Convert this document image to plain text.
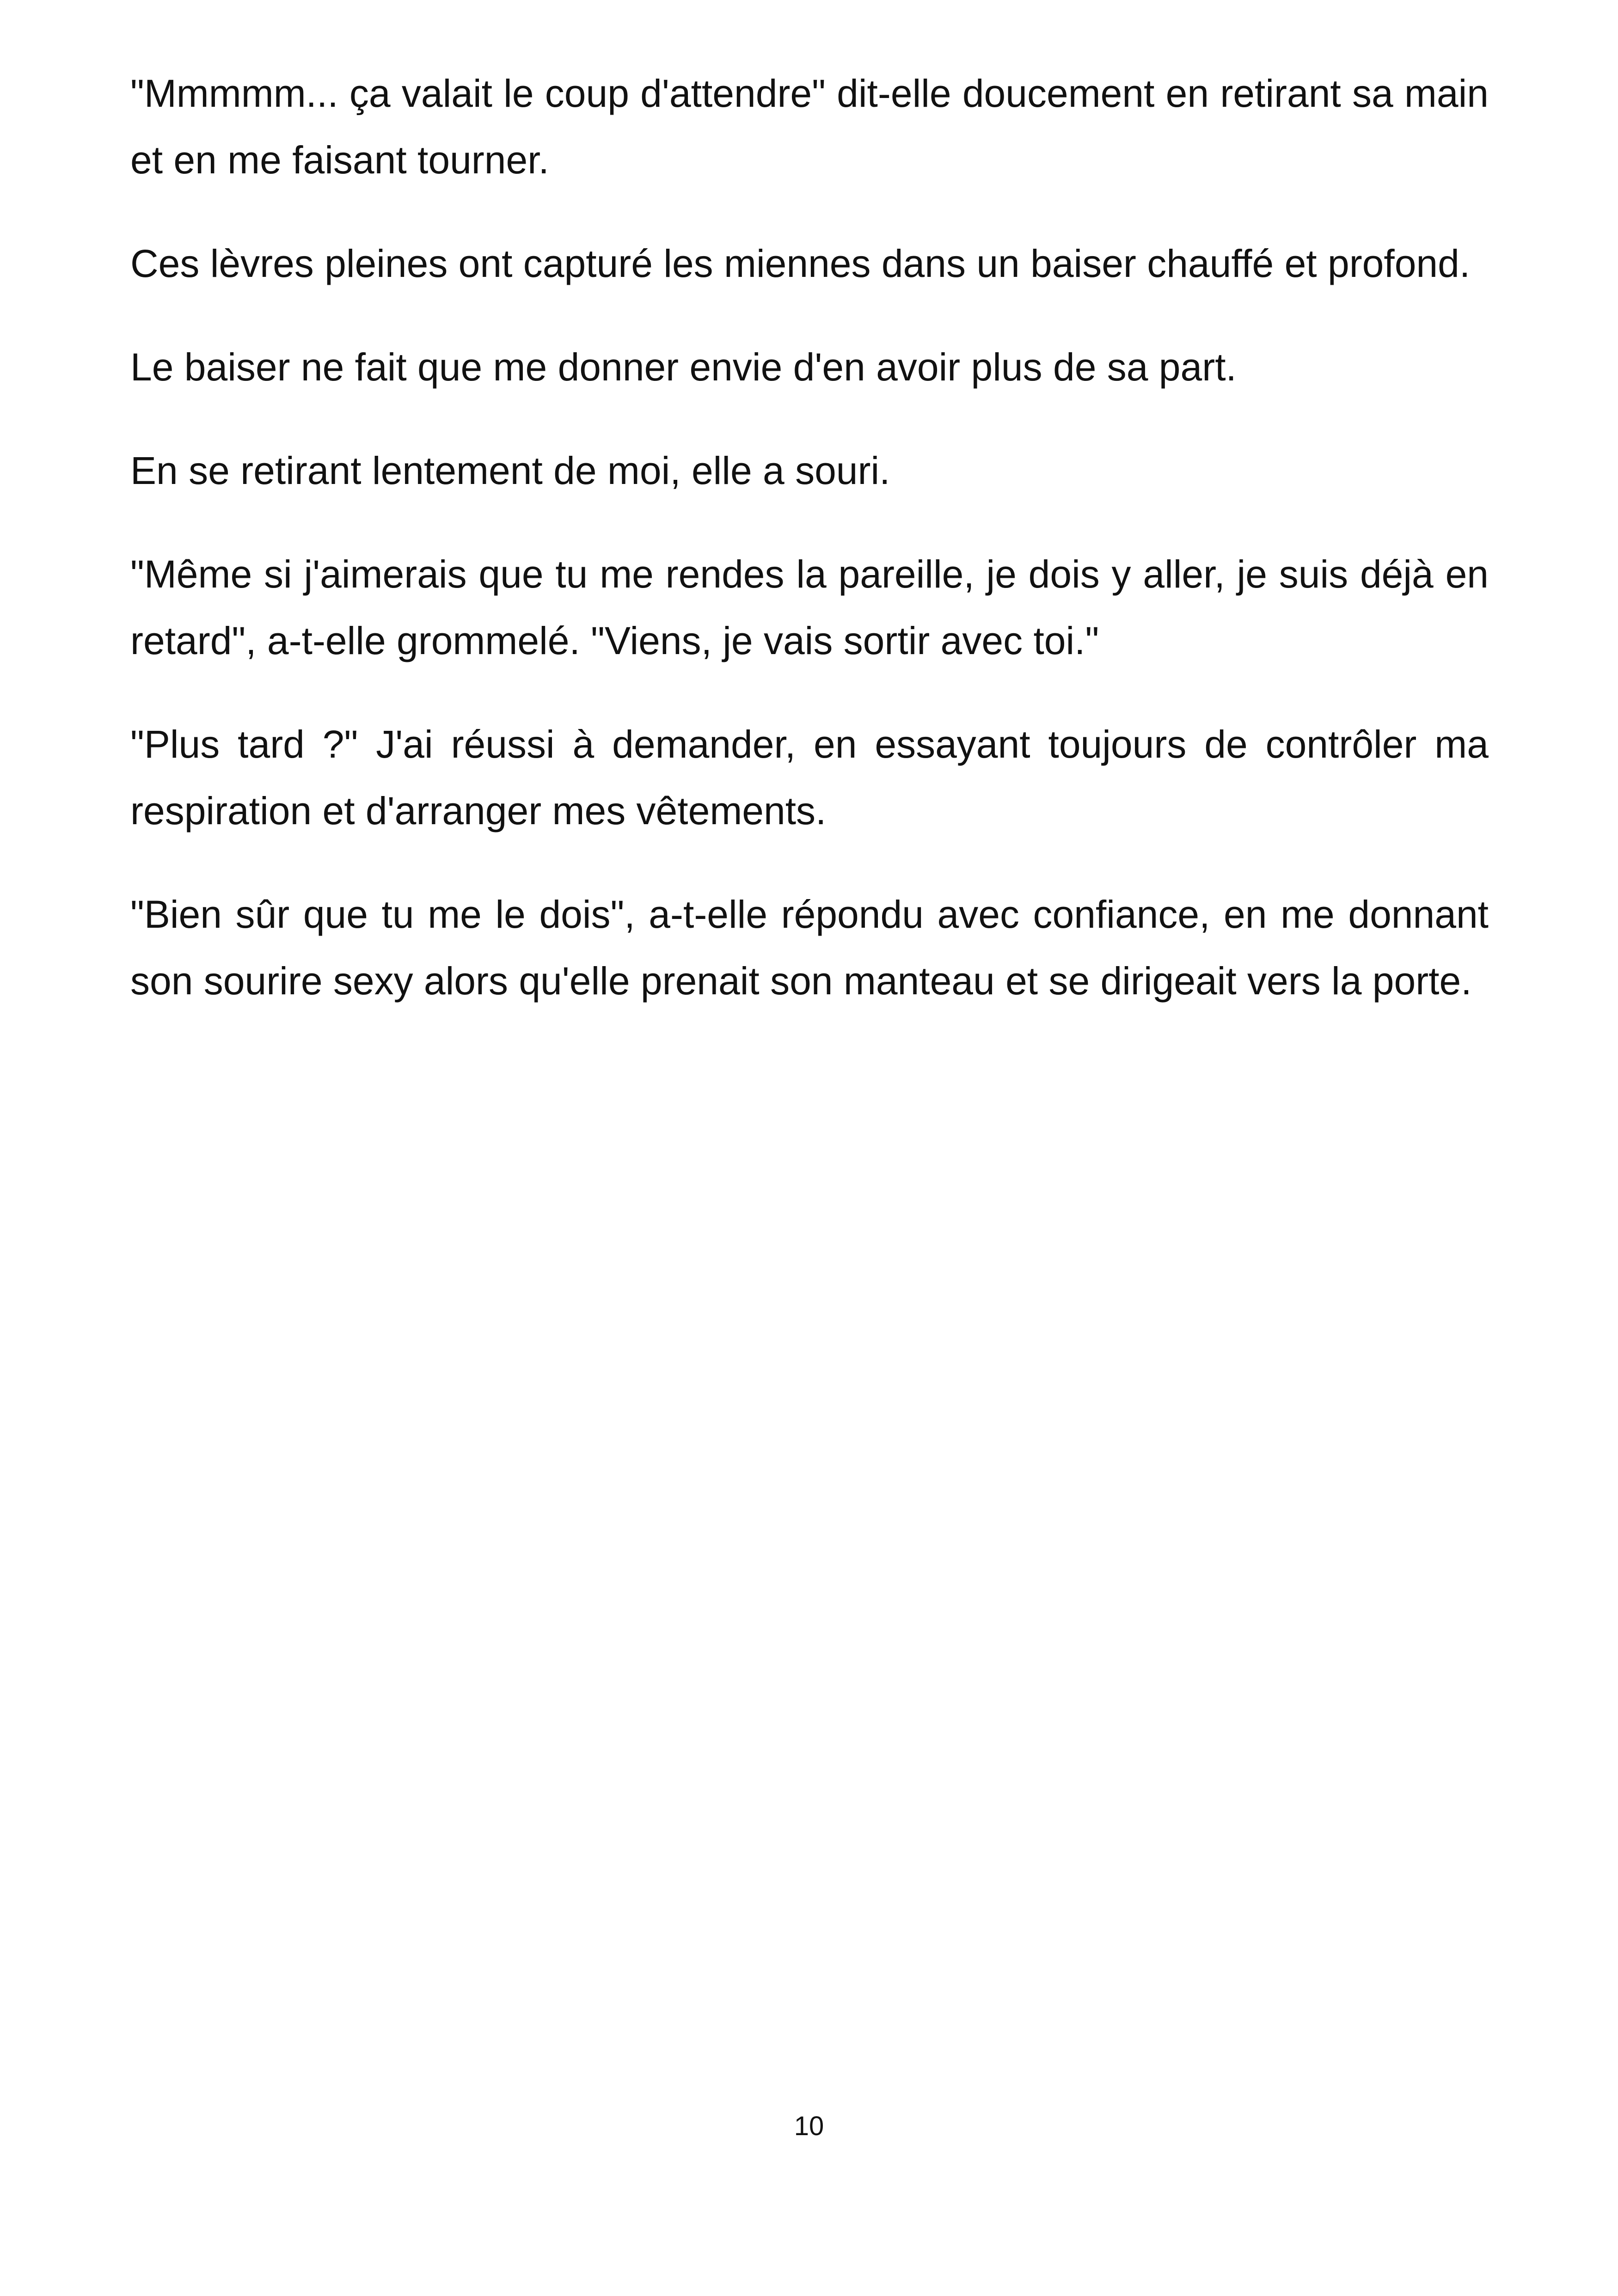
"Mmmmm... ça valait le coup d'attendre" dit-elle doucement en retirant sa main et en me faisant tourner.

Ces lèvres pleines ont capturé les miennes dans un baiser chauffé et profond.

Le baiser ne fait que me donner envie d'en avoir plus de sa part.

En se retirant lentement de moi, elle a souri.

"Même si j'aimerais que tu me rendes la pareille, je dois y aller, je suis déjà en retard", a-t-elle grommelé. "Viens, je vais sortir avec toi."

"Plus tard ?" J'ai réussi à demander, en essayant toujours de contrôler ma respiration et d'arranger mes vêtements.

"Bien sûr que tu me le dois", a-t-elle répondu avec confiance, en me donnant son sourire sexy alors qu'elle prenait son manteau et se dirigeait vers la porte.

10
